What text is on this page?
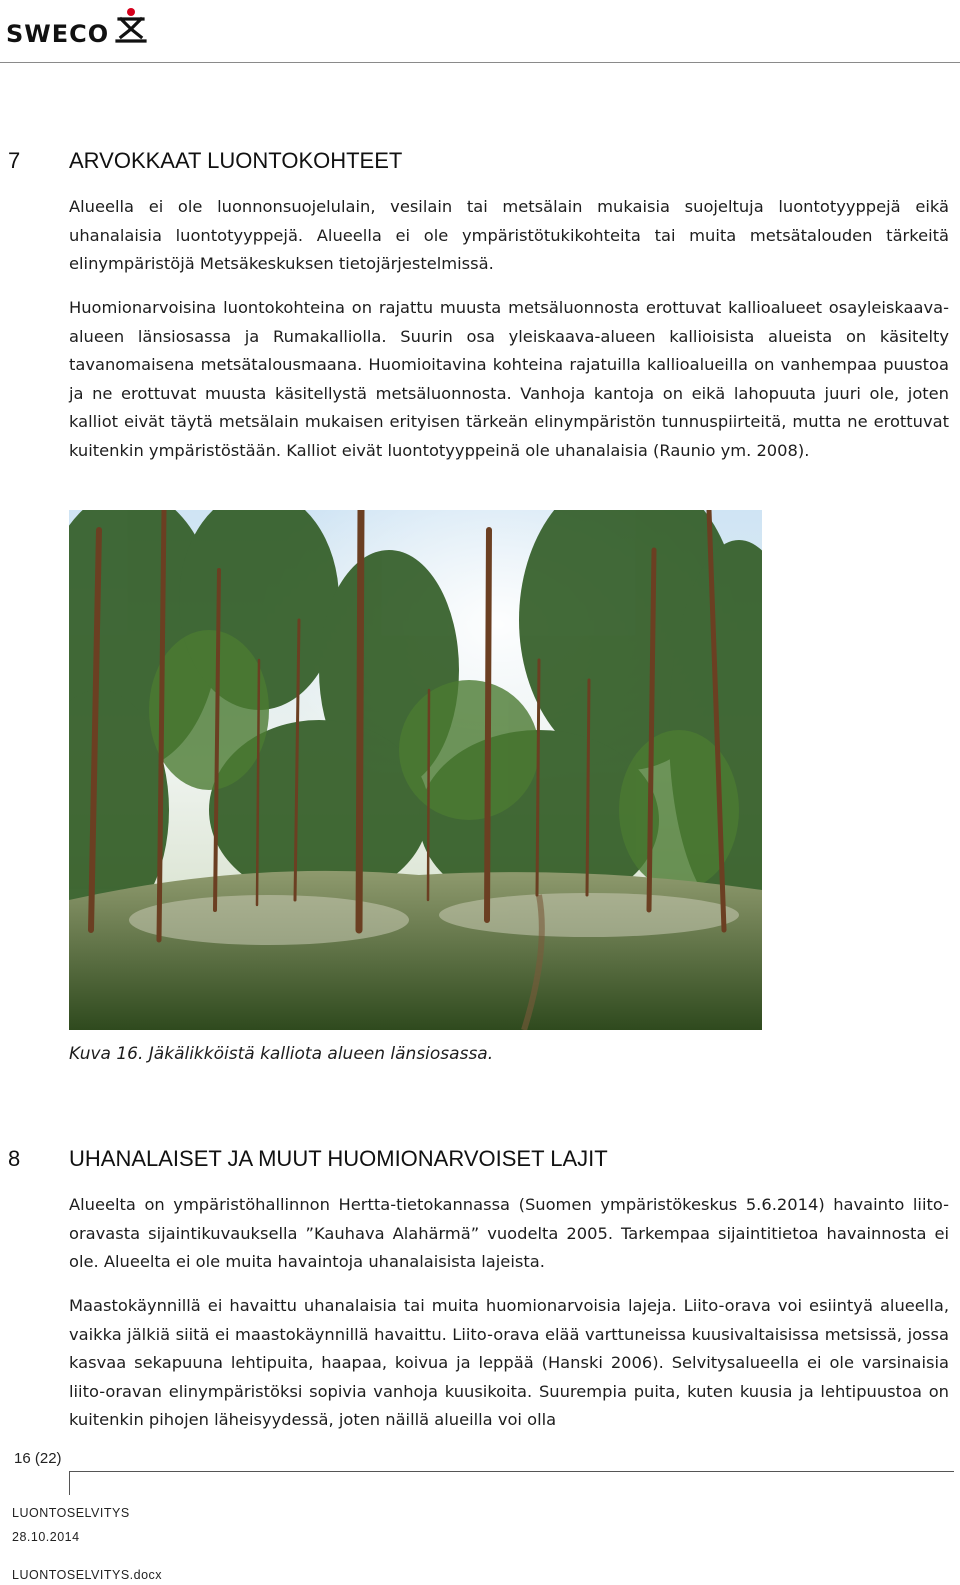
SWECO
7 ARVOKKAAT LUONTOKOHTEET

Alueella ei ole luonnonsuojelulain, vesilain tai metsälain mukaisia suojeltuja luontotyyppejä eikä uhanalaisia luontotyyppejä. Alueella ei ole ympäristötukikohteita tai muita metsätalouden tärkeitä elinympäristöjä Metsäkeskuksen tietojärjestelmissä.

Huomionarvoisina luontokohteina on rajattu muusta metsäluonnosta erottuvat kallioalueet osayleiskaava-alueen länsiosassa ja Rumakalliolla. Suurin osa yleiskaava-alueen kallioisista alueista on käsitelty tavanomaisena metsätalousmaana. Huomioitavina kohteina rajatuilla kallioalueilla on vanhempaa puustoa ja ne erottuvat muusta käsitellystä metsäluonnosta. Vanhoja kantoja on eikä lahopuuta juuri ole, joten kalliot eivät täytä metsälain mukaisen erityisen tärkeän elinympäristön tunnuspiirteitä, mutta ne erottuvat kuitenkin ympäristöstään. Kalliot eivät luontotyyppeinä ole uhanalaisia (Raunio ym. 2008).

Kuva 16. Jäkälikköistä kalliota alueen länsiosassa.
8 UHANALAISET JA MUUT HUOMIONARVOISET LAJIT

Alueelta on ympäristöhallinnon Hertta-tietokannassa (Suomen ympäristökeskus 5.6.2014) havainto liito-oravasta sijaintikuvauksella ”Kauhava Alahärmä” vuodelta 2005. Tarkempaa sijaintitietoa havainnosta ei ole. Alueelta ei ole muita havaintoja uhanalaisista lajeista.

Maastokäynnillä ei havaittu uhanalaisia tai muita huomionarvoisia lajeja. Liito-orava voi esiintyä alueella, vaikka jälkiä siitä ei maastokäynnillä havaittu. Liito-orava elää varttuneissa kuusivaltaisissa metsissä, jossa kasvaa sekapuuna lehtipuita, haapaa, koivua ja leppää (Hanski 2006). Selvitysalueella ei ole varsinaisia liito-oravan elinympäristöksi sopivia vanhoja kuusikoita. Suurempia puita, kuten kuusia ja lehtipuustoa on kuitenkin pihojen läheisyydessä, joten näillä alueilla voi olla

16 (22)
LUONTOSELVITYS
28.10.2014
LUONTOSELVITYS.docx
